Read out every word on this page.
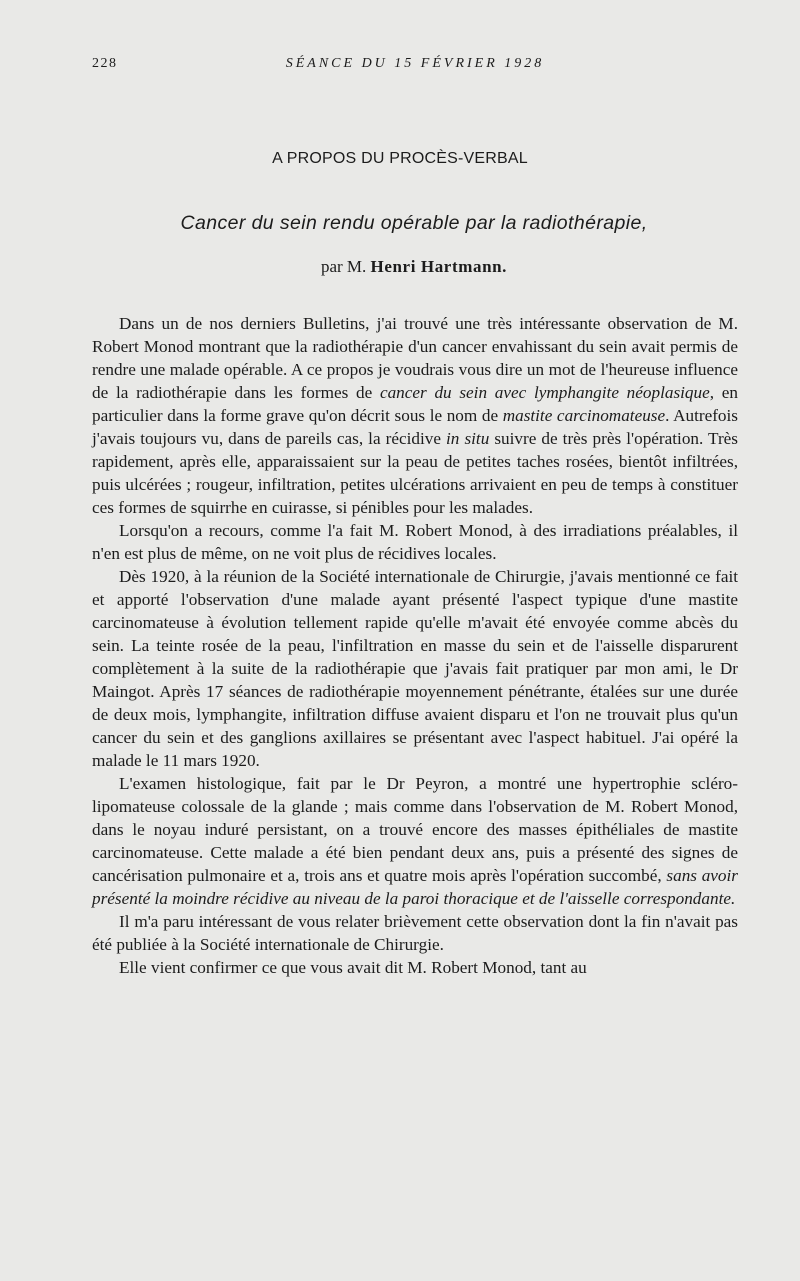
228	SÉANCE DU 15 FÉVRIER 1928
A PROPOS DU PROCÈS-VERBAL
Cancer du sein rendu opérable par la radiothérapie,
par M. Henri Hartmann.

Dans un de nos derniers Bulletins, j'ai trouvé une très intéressante observation de M. Robert Monod montrant que la radiothérapie d'un cancer envahissant du sein avait permis de rendre une malade opérable. A ce propos je voudrais vous dire un mot de l'heureuse influence de la radiothérapie dans les formes de cancer du sein avec lymphangite néoplasique, en particulier dans la forme grave qu'on décrit sous le nom de mastite carcinomateuse. Autrefois j'avais toujours vu, dans de pareils cas, la récidive in situ suivre de très près l'opération. Très rapidement, après elle, apparaissaient sur la peau de petites taches rosées, bientôt infiltrées, puis ulcérées ; rougeur, infiltration, petites ulcérations arrivaient en peu de temps à constituer ces formes de squirrhe en cuirasse, si pénibles pour les malades.

Lorsqu'on a recours, comme l'a fait M. Robert Monod, à des irradiations préalables, il n'en est plus de même, on ne voit plus de récidives locales.

Dès 1920, à la réunion de la Société internationale de Chirurgie, j'avais mentionné ce fait et apporté l'observation d'une malade ayant présenté l'aspect typique d'une mastite carcinomateuse à évolution tellement rapide qu'elle m'avait été envoyée comme abcès du sein. La teinte rosée de la peau, l'infiltration en masse du sein et de l'aisselle disparurent complètement à la suite de la radiothérapie que j'avais fait pratiquer par mon ami, le Dr Maingot. Après 17 séances de radiothérapie moyennement pénétrante, étalées sur une durée de deux mois, lymphangite, infiltration diffuse avaient disparu et l'on ne trouvait plus qu'un cancer du sein et des ganglions axillaires se présentant avec l'aspect habituel. J'ai opéré la malade le 11 mars 1920.

L'examen histologique, fait par le Dr Peyron, a montré une hypertrophie scléro-lipomateuse colossale de la glande ; mais comme dans l'observation de M. Robert Monod, dans le noyau induré persistant, on a trouvé encore des masses épithéliales de mastite carcinomateuse. Cette malade a été bien pendant deux ans, puis a présenté des signes de cancérisation pulmonaire et a, trois ans et quatre mois après l'opération succombé, sans avoir présenté la moindre récidive au niveau de la paroi thoracique et de l'aisselle correspondante.

Il m'a paru intéressant de vous relater brièvement cette observation dont la fin n'avait pas été publiée à la Société internationale de Chirurgie.

Elle vient confirmer ce que vous avait dit M. Robert Monod, tant au
